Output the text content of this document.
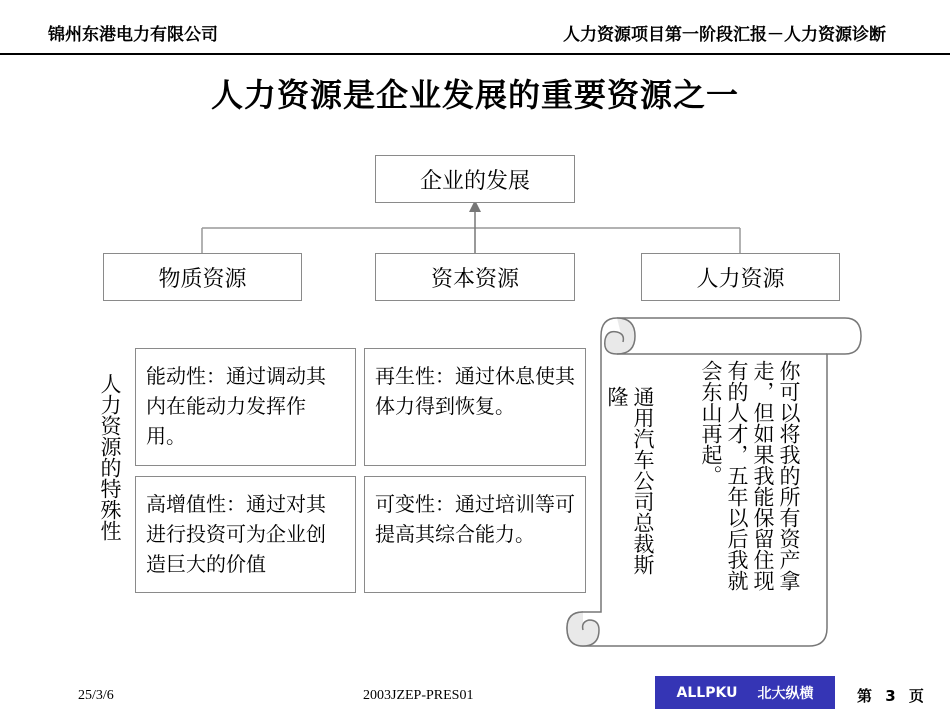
锦州东港电力有限公司	人力资源项目第一阶段汇报－人力资源诊断
人力资源是企业发展的重要资源之一
企业的发展
物质资源	资本资源	人力资源
人力资源的特殊性	能动性：通过调动其内在能动力发挥作用。
再生性：通过休息使其体力得到恢复。
高增值性：通过对其进行投资可为企业创造巨大的价值
可变性：通过培训等可提高其综合能力。	你可以将我的所有资产拿走，但如果我能保留住现有的人才，五年以后我就会东山再起。
通用汽车公司总裁斯隆
25/3/6	2003JZEP-PRES01	ALLPKU 北大纵横	第 3 页
